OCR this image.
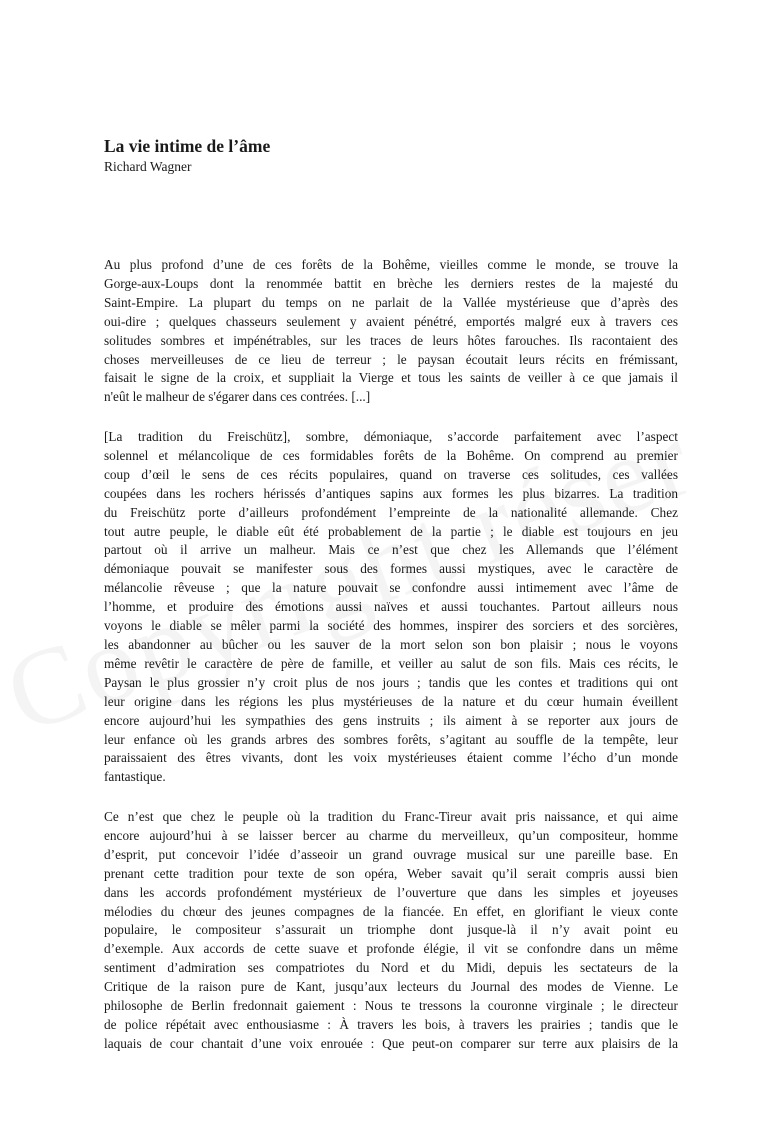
La vie intime de l’âme
Richard Wagner

Au plus profond d’une de ces forêts de la Bohême, vieilles comme le monde, se trouve la
Gorge-aux-Loups dont la renommée battit en brèche les derniers restes de la majesté du
Saint-Empire. La plupart du temps on ne parlait de la Vallée mystérieuse que d’après des
oui-dire ; quelques chasseurs seulement y avaient pénétré, emportés malgré eux à travers ces
solitudes sombres et impénétrables, sur les traces de leurs hôtes farouches. Ils racontaient des
choses merveilleuses de ce lieu de terreur ; le paysan écoutait leurs récits en frémissant,
faisait le signe de la croix, et suppliait la Vierge et tous les saints de veiller à ce que jamais il
n'eût le malheur de s'égarer dans ces contrées. [...]

[La tradition du Freischütz], sombre, démoniaque, s’accorde parfaitement avec l’aspect
solennel et mélancolique de ces formidables forêts de la Bohême. On comprend au premier
coup d’œil le sens de ces récits populaires, quand on traverse ces solitudes, ces vallées
coupées dans les rochers hérissés d’antiques sapins aux formes les plus bizarres. La tradition
du Freischütz porte d’ailleurs profondément l’empreinte de la nationalité allemande. Chez
tout autre peuple, le diable eût été probablement de la partie ; le diable est toujours en jeu
partout où il arrive un malheur. Mais ce n’est que chez les Allemands que l’élément
démoniaque pouvait se manifester sous des formes aussi mystiques, avec le caractère de
mélancolie rêveuse ; que la nature pouvait se confondre aussi intimement avec l’âme de
l’homme, et produire des émotions aussi naïves et aussi touchantes. Partout ailleurs nous
voyons le diable se mêler parmi la société des hommes, inspirer des sorciers et des sorcières,
les abandonner au bûcher ou les sauver de la mort selon son bon plaisir ; nous le voyons
même revêtir le caractère de père de famille, et veiller au salut de son fils. Mais ces récits, le
Paysan le plus grossier n’y croit plus de nos jours ; tandis que les contes et traditions qui ont
leur origine dans les régions les plus mystérieuses de la nature et du cœur humain éveillent
encore aujourd’hui les sympathies des gens instruits ; ils aiment à se reporter aux jours de
leur enfance où les grands arbres des sombres forêts, s’agitant au souffle de la tempête, leur
paraissaient des êtres vivants, dont les voix mystérieuses étaient comme l’écho d’un monde
fantastique.

Ce n’est que chez le peuple où la tradition du Franc-Tireur avait pris naissance, et qui aime
encore aujourd’hui à se laisser bercer au charme du merveilleux, qu’un compositeur, homme
d’esprit, put concevoir l’idée d’asseoir un grand ouvrage musical sur une pareille base. En
prenant cette tradition pour texte de son opéra, Weber savait qu’il serait compris aussi bien
dans les accords profondément mystérieux de l’ouverture que dans les simples et joyeuses
mélodies du chœur des jeunes compagnes de la fiancée. En effet, en glorifiant le vieux conte
populaire, le compositeur s’assurait un triomphe dont jusque-là il n’y avait point eu
d’exemple. Aux accords de cette suave et profonde élégie, il vit se confondre dans un même
sentiment d’admiration ses compatriotes du Nord et du Midi, depuis les sectateurs de la
Critique de la raison pure de Kant, jusqu’aux lecteurs du Journal des modes de Vienne. Le
philosophe de Berlin fredonnait gaiement : Nous te tressons la couronne virginale ; le directeur
de police répétait avec enthousiasme : À travers les bois, à travers les prairies ; tandis que le
laquais de cour chantait d’une voix enrouée : Que peut-on comparer sur terre aux plaisirs de la
